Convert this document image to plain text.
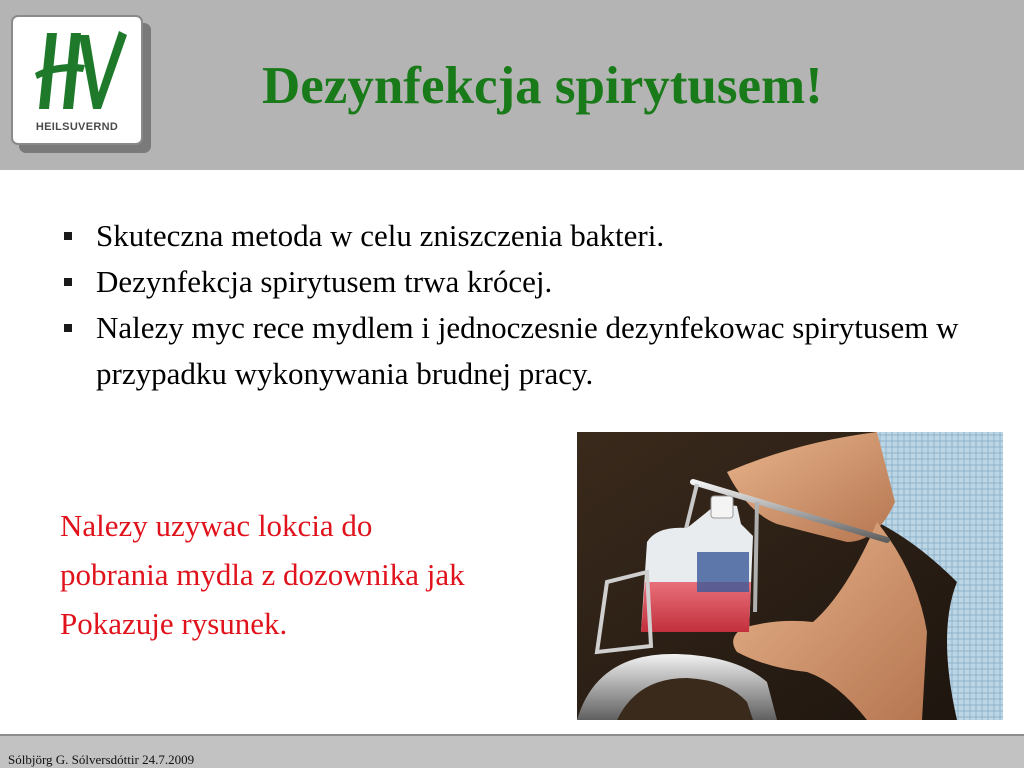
HEILSUVERND
Dezynfekcja spirytusem!
Skuteczna metoda w celu zniszczenia bakteri.
Dezynfekcja spirytusem trwa krócej.
Nalezy myc rece mydlem i jednoczesnie dezynfekowac spirytusem w przypadku wykonywania brudnej pracy.
Nalezy uzywac lokcia do
pobrania mydla z dozownika jak
Pokazuje rysunek.
Sólbjörg G. Sólversdóttir 24.7.2009
